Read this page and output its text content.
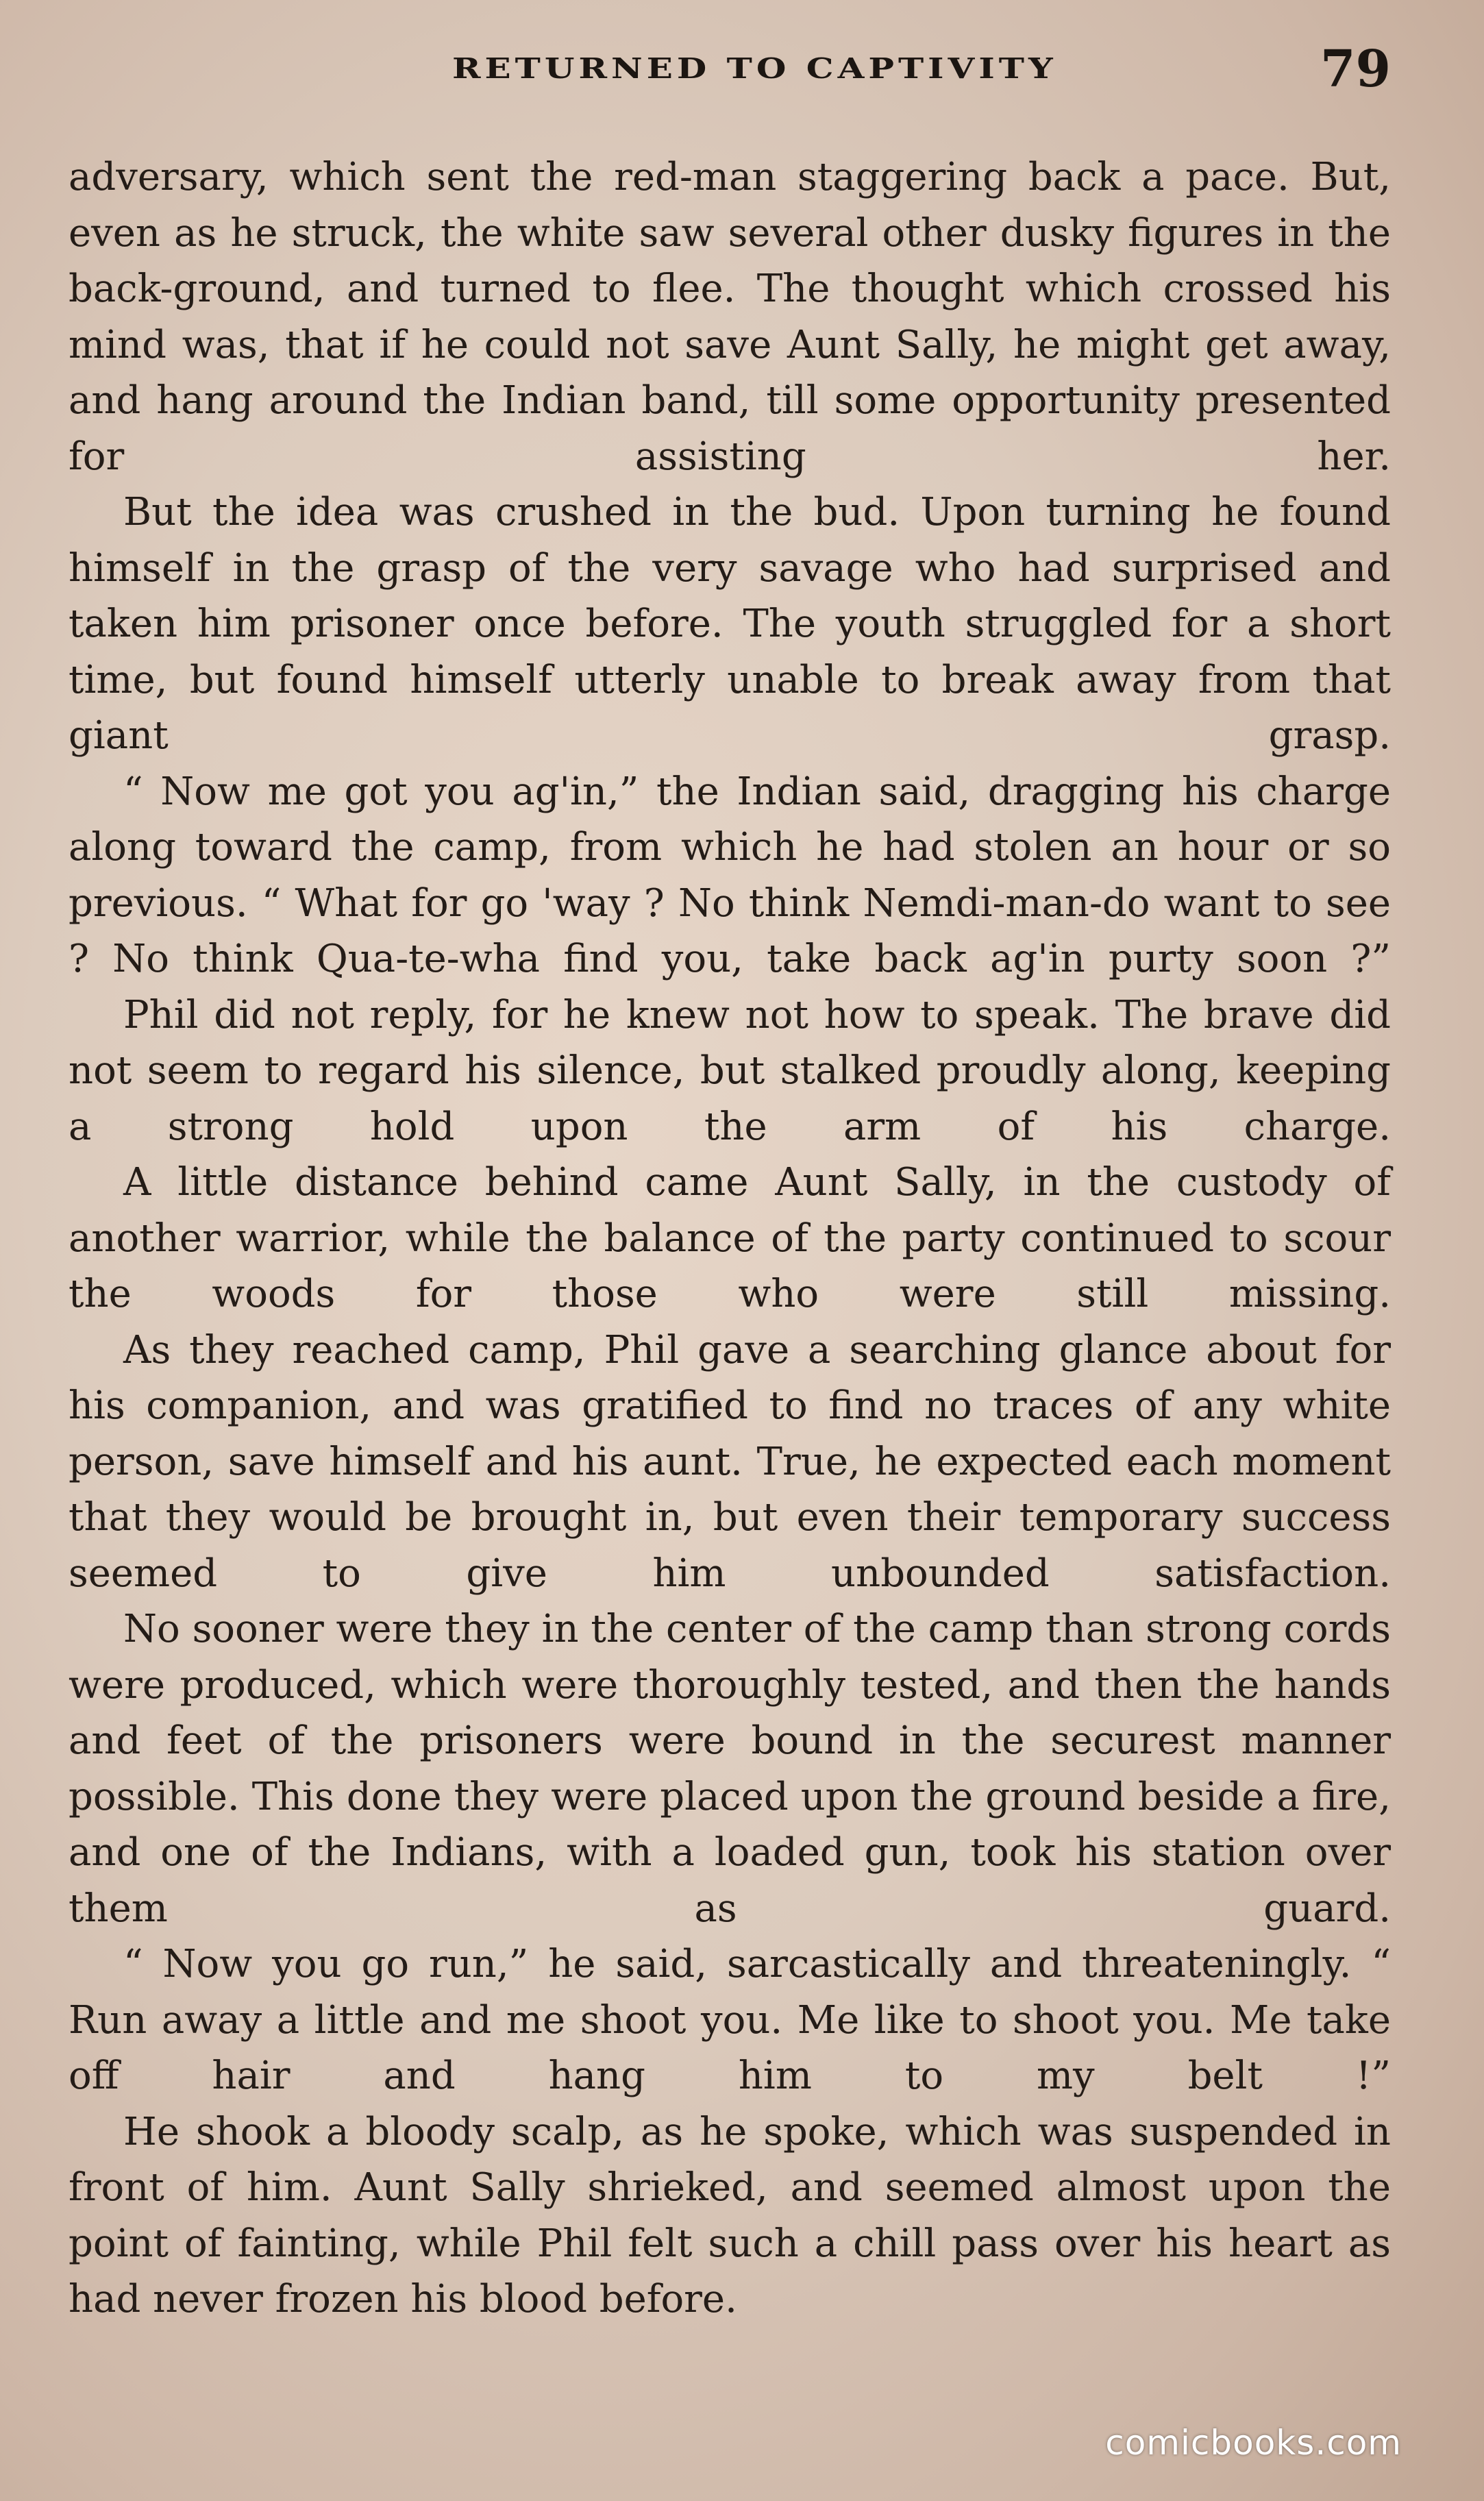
RETURNED TO CAPTIVITY	79

adversary, which sent the red-man staggering back a pace. But, even as he struck, the white saw several other dusky figures in the back-ground, and turned to flee. The thought which crossed his mind was, that if he could not save Aunt Sally, he might get away, and hang around the Indian band, till some opportunity presented for assisting her.

But the idea was crushed in the bud. Upon turning he found himself in the grasp of the very savage who had surprised and taken him prisoner once before. The youth struggled for a short time, but found himself utterly unable to break away from that giant grasp.

“ Now me got you ag'in,” the Indian said, dragging his charge along toward the camp, from which he had stolen an hour or so previous. “ What for go 'way ? No think Nemdi-man-do want to see ? No think Qua-te-wha find you, take back ag'in purty soon ?”

Phil did not reply, for he knew not how to speak. The brave did not seem to regard his silence, but stalked proudly along, keeping a strong hold upon the arm of his charge.

A little distance behind came Aunt Sally, in the custody of another warrior, while the balance of the party continued to scour the woods for those who were still missing.

As they reached camp, Phil gave a searching glance about for his companion, and was gratified to find no traces of any white person, save himself and his aunt. True, he expected each moment that they would be brought in, but even their temporary success seemed to give him unbounded satisfaction.

No sooner were they in the center of the camp than strong cords were produced, which were thoroughly tested, and then the hands and feet of the prisoners were bound in the securest manner possible. This done they were placed upon the ground beside a fire, and one of the Indians, with a loaded gun, took his station over them as guard.

“ Now you go run,” he said, sarcastically and threateningly. “ Run away a little and me shoot you. Me like to shoot you. Me take off hair and hang him to my belt !”

He shook a bloody scalp, as he spoke, which was suspended in front of him. Aunt Sally shrieked, and seemed almost upon the point of fainting, while Phil felt such a chill pass over his heart as had never frozen his blood before.

comicbooks.com
